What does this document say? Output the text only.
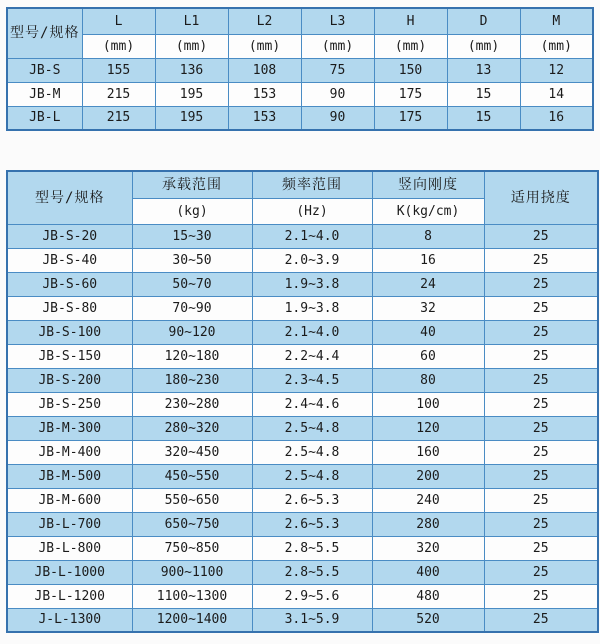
型号/规格	L	L1	L2	L3	H	D	M
	(mm)	(mm)	(mm)	(mm)	(mm)	(mm)	(mm)
JB-S	155	136	108	75	150	13	12
JB-M	215	195	153	90	175	15	14
JB-L	215	195	153	90	175	15	16
型号/规格	承载范围	频率范围	竖向刚度	适用挠度
	(kg)	(Hz)	K(kg/cm)	
JB-S-20	15~30	2.1~4.0	8	25
JB-S-40	30~50	2.0~3.9	16	25
JB-S-60	50~70	1.9~3.8	24	25
JB-S-80	70~90	1.9~3.8	32	25
JB-S-100	90~120	2.1~4.0	40	25
JB-S-150	120~180	2.2~4.4	60	25
JB-S-200	180~230	2.3~4.5	80	25
JB-S-250	230~280	2.4~4.6	100	25
JB-M-300	280~320	2.5~4.8	120	25
JB-M-400	320~450	2.5~4.8	160	25
JB-M-500	450~550	2.5~4.8	200	25
JB-M-600	550~650	2.6~5.3	240	25
JB-L-700	650~750	2.6~5.3	280	25
JB-L-800	750~850	2.8~5.5	320	25
JB-L-1000	900~1100	2.8~5.5	400	25
JB-L-1200	1100~1300	2.9~5.6	480	25
J-L-1300	1200~1400	3.1~5.9	520	25
